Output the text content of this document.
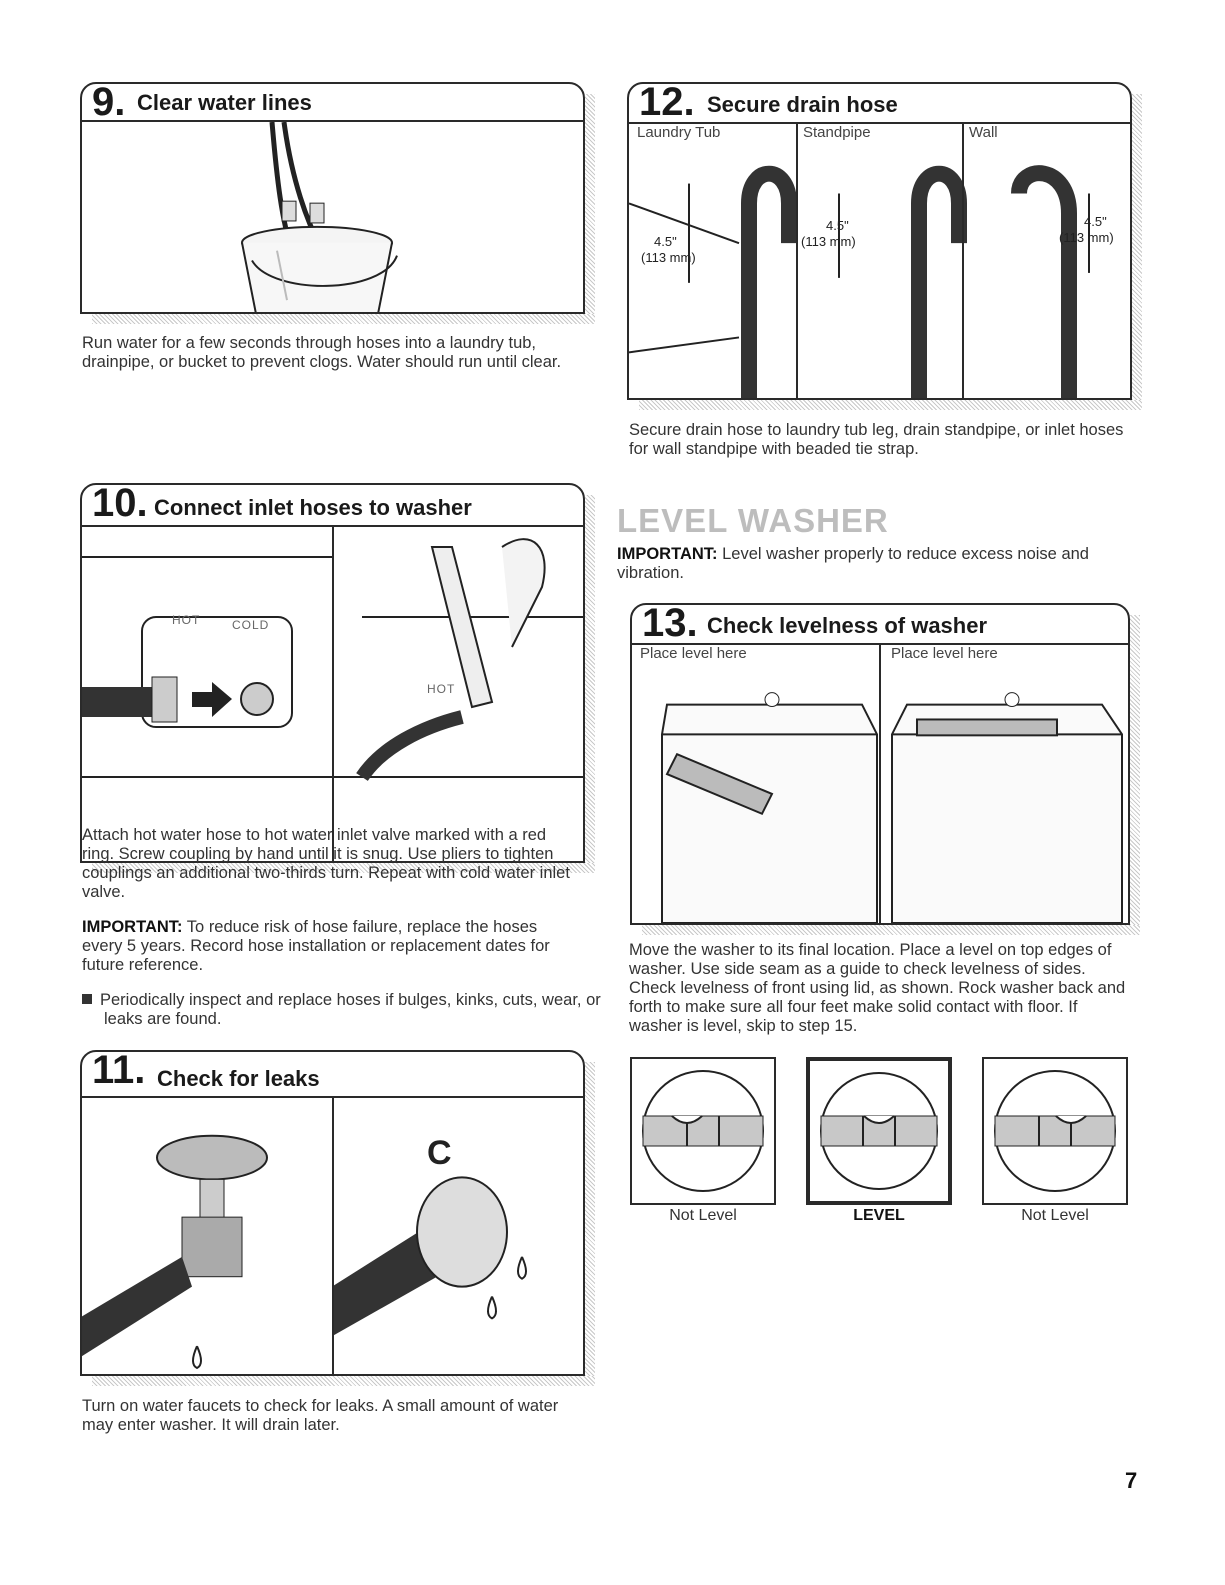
9. Clear water lines
Run water for a few seconds through hoses into a laundry tub, drainpipe, or bucket to prevent clogs. Water should run until clear.
10. Connect inlet hoses to washer
HOT	COLD
HOT
Attach hot water hose to hot water inlet valve marked with a red ring. Screw coupling by hand until it is snug. Use pliers to tighten couplings an additional two-thirds turn. Repeat with cold water inlet valve.
IMPORTANT: To reduce risk of hose failure, replace the hoses every 5 years. Record hose installation or replacement dates for future reference.
Periodically inspect and replace hoses if bulges, kinks, cuts, wear, or leaks are found.
11. Check for leaks
C
Turn on water faucets to check for leaks. A small amount of water may enter washer. It will drain later.
12. Secure drain hose
Laundry Tub	Standpipe	Wall
4.5"
(113 mm)
4.5"
(113 mm)
4.5"
(113 mm)
Secure drain hose to laundry tub leg, drain standpipe, or inlet hoses for wall standpipe with beaded tie strap.
LEVEL WASHER
IMPORTANT: Level washer properly to reduce excess noise and vibration.
13. Check levelness of washer
Place level here	Place level here
Move the washer to its final location. Place a level on top edges of washer. Use side seam as a guide to check levelness of sides. Check levelness of front using lid, as shown. Rock washer back and forth to make sure all four feet make solid contact with floor. If washer is level, skip to step 15.
Not Level	LEVEL	Not Level
7
